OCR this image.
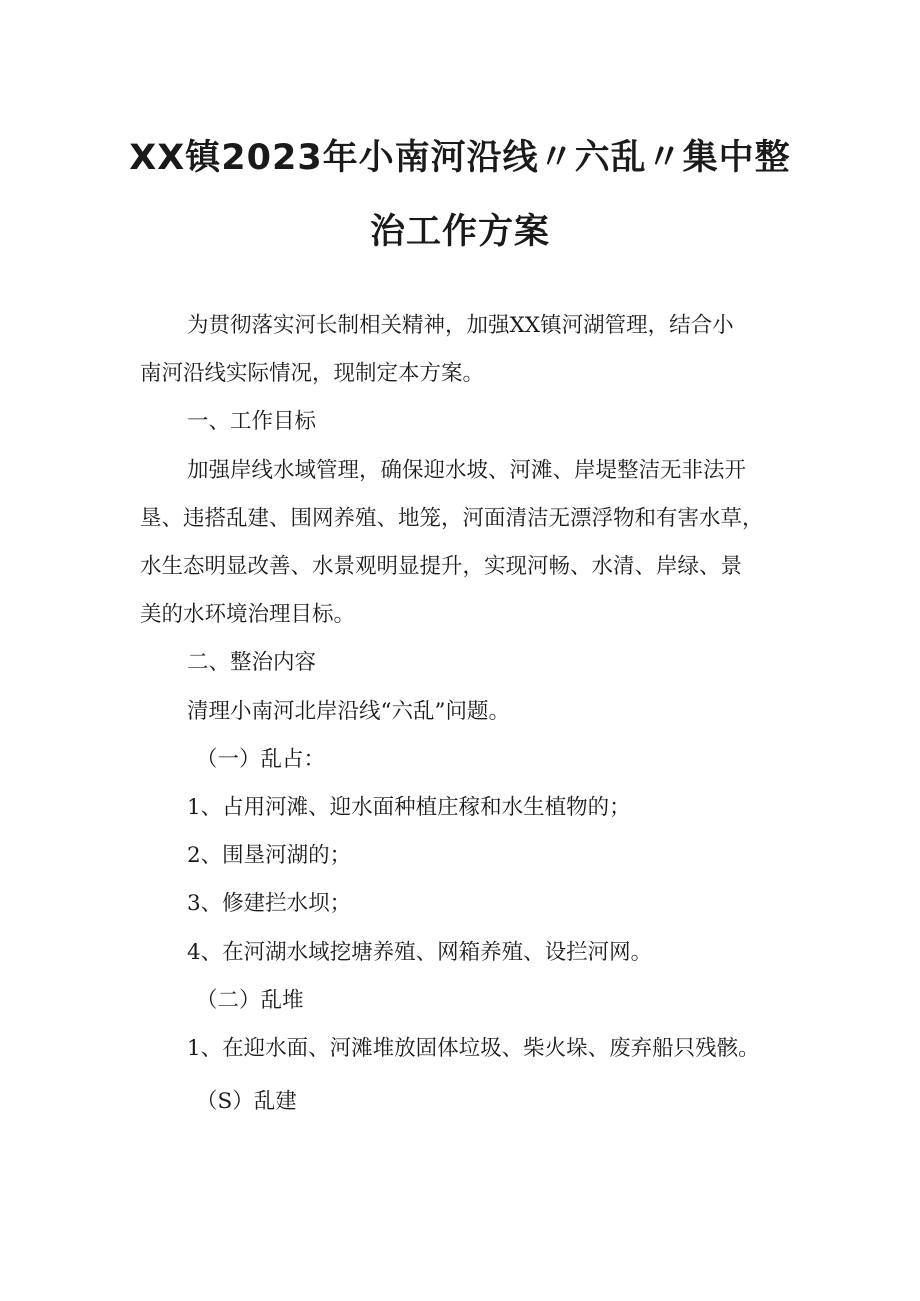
XX镇2023年小南河沿线〃六乱〃集中整
治工作方案
为贯彻落实河长制相关精神，加强XX镇河湖管理，结合小
南河沿线实际情况，现制定本方案。
一、工作目标
加强岸线水域管理，确保迎水坡、河滩、岸堤整洁无非法开
垦、违搭乱建、围网养殖、地笼，河面清洁无漂浮物和有害水草，
水生态明显改善、水景观明显提升，实现河畅、水清、岸绿、景
美的水环境治理目标。
二、整治内容
清理小南河北岸沿线“六乱”问题。
（一）乱占：
1、占用河滩、迎水面种植庄稼和水生植物的；
2、围垦河湖的；
3、修建拦水坝；
4、在河湖水域挖塘养殖、网箱养殖、设拦河网。
（二）乱堆
1、在迎水面、河滩堆放固体垃圾、柴火垛、废弃船只残骸。
（S）乱建
